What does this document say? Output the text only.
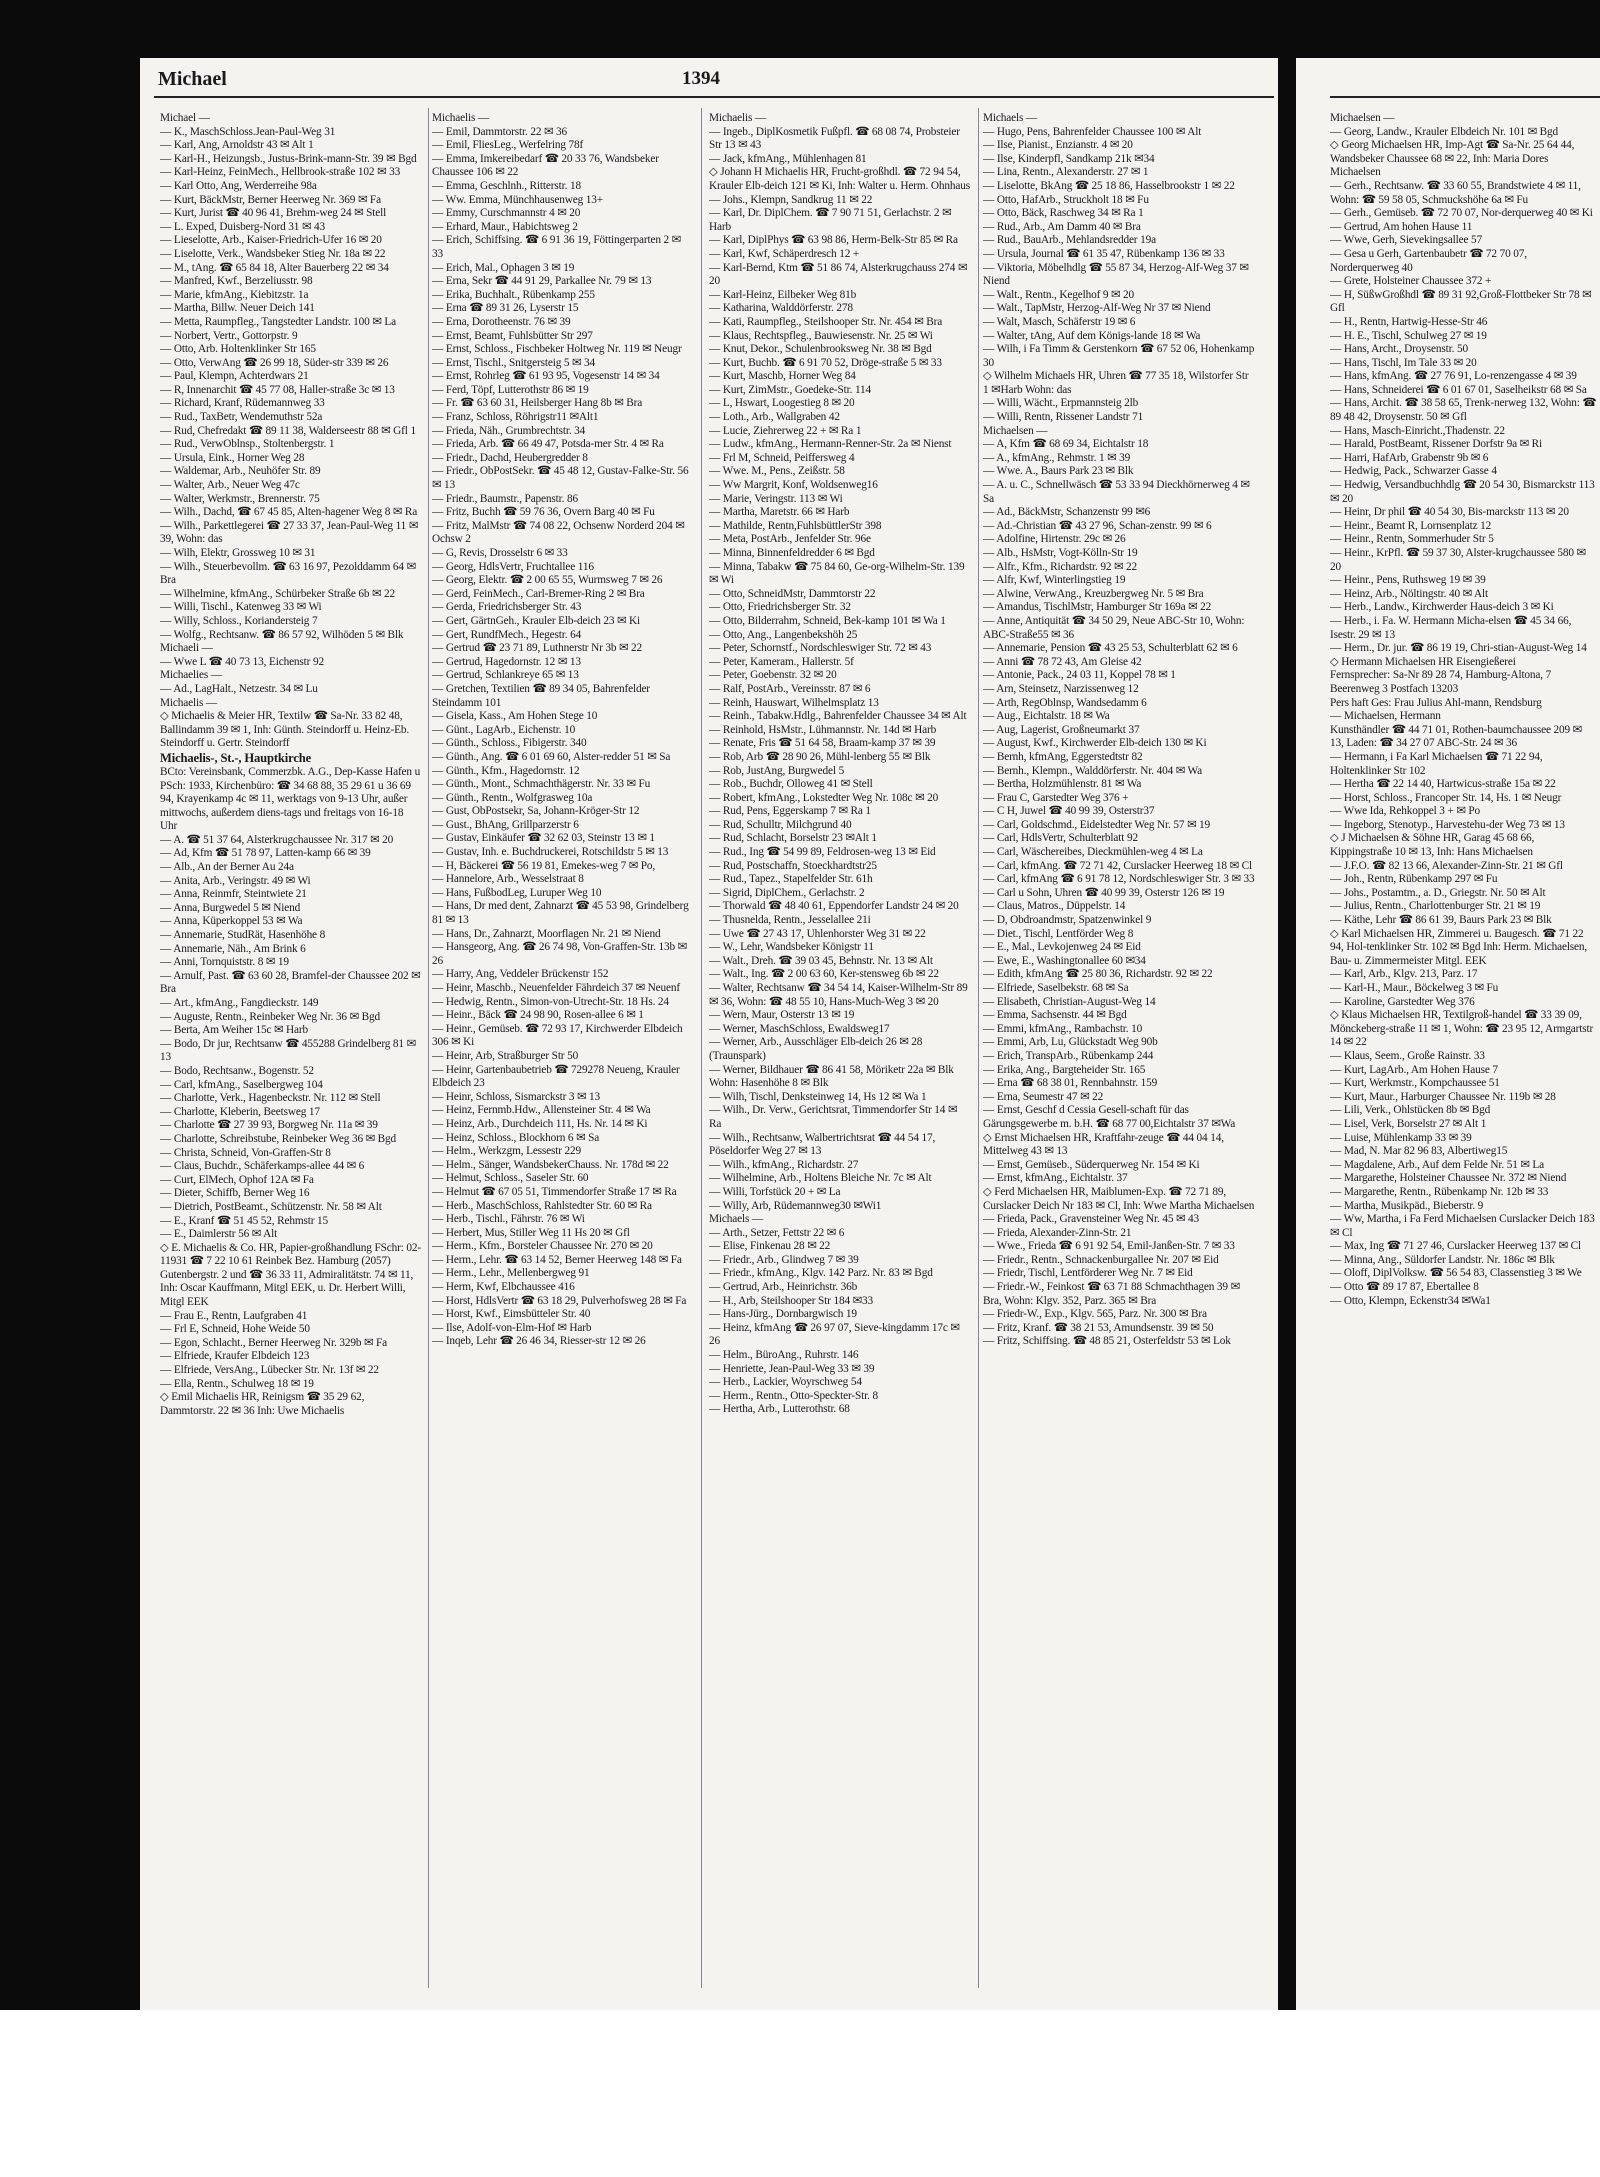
Michael	1394

Michael —

— K., MaschSchloss.Jean-Paul-Weg 31

— Karl, Ang, Arnoldstr 43 ✉ Alt 1

— Karl-H., Heizungsb., Justus-Brink-mann-Str. 39 ✉ Bgd

— Karl-Heinz, FeinMech., Hellbrook-straße 102 ✉ 33

— Karl Otto, Ang, Werderreihe 98a

— Kurt, BäckMstr, Berner Heerweg Nr. 369 ✉ Fa

— Kurt, Jurist ☎ 40 96 41, Brehm-weg 24 ✉ Stell

— L. Exped, Duisberg-Nord 31 ✉ 43

— Lieselotte, Arb., Kaiser-Friedrich-Ufer 16 ✉ 20

— Liselotte, Verk., Wandsbeker Stieg Nr. 18a ✉ 22

— M., tAng. ☎ 65 84 18, Alter Bauerberg 22 ✉ 34

— Manfred, Kwf., Berzeliusstr. 98

— Marie, kfmAng., Kiebitzstr. 1a

— Martha, Billw. Neuer Deich 141

— Metta, Raumpfleg., Tangstedter Landstr. 100 ✉ La

— Norbert, Vertr., Gottorpstr. 9

— Otto, Arb. Holtenklinker Str 165

— Otto, VerwAng ☎ 26 99 18, Süder-str 339 ✉ 26

— Paul, Klempn, Achterdwars 21

— R, Innenarchit ☎ 45 77 08, Haller-straße 3c ✉ 13

— Richard, Kranf, Rüdemannweg 33

— Rud., TaxBetr, Wendemuthstr 52a

— Rud, Chefredakt ☎ 89 11 38, Walderseestr 88 ✉ Gfl 1

— Rud., VerwOblnsp., Stoltenbergstr. 1

— Ursula, Eink., Horner Weg 28

— Waldemar, Arb., Neuhöfer Str. 89

— Walter, Arb., Neuer Weg 47c

— Walter, Werkmstr., Brennerstr. 75

— Wilh., Dachd, ☎ 67 45 85, Alten-hagener Weg 8 ✉ Ra

— Wilh., Parkettlegerei ☎ 27 33 37, Jean-Paul-Weg 11 ✉ 39, Wohn: das

— Wilh, Elektr, Grossweg 10 ✉ 31

— Wilh., Steuerbevollm. ☎ 63 16 97, Pezolddamm 64 ✉ Bra

— Wilhelmine, kfmAng., Schürbeker Straße 6b ✉ 22

— Willi, Tischl., Katenweg 33 ✉ Wi

— Willy, Schloss., Koriandersteig 7

— Wolfg., Rechtsanw. ☎ 86 57 92, Wilhöden 5 ✉ Blk

Michaeli —

— Wwe L ☎ 40 73 13, Eichenstr 92

Michaelies —

— Ad., LagHalt., Netzestr. 34 ✉ Lu

Michaelis —

◇ Michaelis & Meier HR, Textilw ☎ Sa-Nr. 33 82 48, Ballindamm 39 ✉ 1, Inh: Günth. Steindorff u. Heinz-Eb. Steindorff u. Gertr. Steindorff

Michaelis-, St.-, Hauptkirche

BCto: Vereinsbank, Commerzbk. A.G., Dep-Kasse Hafen u PSch: 1933, Kirchenbüro: ☎ 34 68 88, 35 29 61 u 36 69 94, Krayenkamp 4c ✉ 11, werktags von 9-13 Uhr, außer mittwochs, außerdem diens-tags und freitags von 16-18 Uhr

— A. ☎ 51 37 64, Alsterkrugchaussee Nr. 317 ✉ 20

— Ad, Kfm ☎ 51 78 97, Latten-kamp 66 ✉ 39

— Alb., An der Berner Au 24a

— Anita, Arb., Veringstr. 49 ✉ Wi

— Anna, Reinmfr, Steintwiete 21

— Anna, Burgwedel 5 ✉ Niend

— Anna, Küperkoppel 53 ✉ Wa

— Annemarie, StudRät, Hasenhöhe 8

— Annemarie, Näh., Am Brink 6

— Anni, Tornquiststr. 8 ✉ 19

— Arnulf, Past. ☎ 63 60 28, Bramfel-der Chaussee 202 ✉ Bra

— Art., kfmAng., Fangdieckstr. 149

— Auguste, Rentn., Reinbeker Weg Nr. 36 ✉ Bgd

— Berta, Am Weiher 15c ✉ Harb

— Bodo, Dr jur, Rechtsanw ☎ 455288 Grindelberg 81 ✉ 13

— Bodo, Rechtsanw., Bogenstr. 52

— Carl, kfmAng., Saselbergweg 104

— Charlotte, Verk., Hagenbeckstr. Nr. 112 ✉ Stell

— Charlotte, Kleberin, Beetsweg 17

— Charlotte ☎ 27 39 93, Borgweg Nr. 11a ✉ 39

— Charlotte, Schreibstube, Reinbeker Weg 36 ✉ Bgd

— Christa, Schneid, Von-Graffen-Str 8

— Claus, Buchdr., Schäferkamps-allee 44 ✉ 6

— Curt, ElMech, Ophof 12A ✉ Fa

— Dieter, Schiffb, Berner Weg 16

— Dietrich, PostBeamt., Schützenstr. Nr. 58 ✉ Alt

— E., Kranf ☎ 51 45 52, Rehmstr 15

— E., Daimlerstr 56 ✉ Alt

◇ E. Michaelis & Co. HR, Papier-großhandlung FSchr: 02-11931 ☎ 7 22 10 61 Reinbek Bez. Hamburg (2057) Gutenbergstr. 2 und ☎ 36 33 11, Admiralitätstr. 74 ✉ 11, Inh: Oscar Kauffmann, Mitgl EEK, u. Dr. Herbert Willi, Mitgl EEK

— Frau E., Rentn, Laufgraben 41

— Frl E, Schneid, Hohe Weide 50

— Egon, Schlacht., Berner Heerweg Nr. 329b ✉ Fa

— Elfriede, Kraufer Elbdeich 123

— Elfriede, VersAng., Lübecker Str. Nr. 13f ✉ 22

— Ella, Rentn., Schulweg 18 ✉ 19

◇ Emil Michaelis HR, Reinigsm ☎ 35 29 62, Dammtorstr. 22 ✉ 36 Inh: Uwe Michaelis

Michaelis —

— Emil, Dammtorstr. 22 ✉ 36

— Emil, FliesLeg., Werfelring 78f

— Emma, Imkereibedarf ☎ 20 33 76, Wandsbeker Chaussee 106 ✉ 22

— Emma, Geschlnh., Ritterstr. 18

— Ww. Emma, Münchhausenweg 13+

— Emmy, Curschmannstr 4 ✉ 20

— Erhard, Maur., Habichtsweg 2

— Erich, Schiffsing. ☎ 6 91 36 19, Föttingerparten 2 ✉ 33

— Erich, Mal., Ophagen 3 ✉ 19

— Erna, Sekr ☎ 44 91 29, Parkallee Nr. 79 ✉ 13

— Erika, Buchhalt., Rübenkamp 255

— Erna ☎ 89 31 26, Lyserstr 15

— Erna, Dorotheenstr. 76 ✉ 39

— Ernst, Beamt, Fuhlsbütter Str 297

— Ernst, Schloss., Fischbeker Holtweg Nr. 119 ✉ Neugr

— Ernst, Tischl., Snitgersteig 5 ✉ 34

— Ernst, Rohrleg ☎ 61 93 95, Vogesenstr 14 ✉ 34

— Ferd, Töpf, Lutterothstr 86 ✉ 19

— Fr. ☎ 63 60 31, Heilsberger Hang 8b ✉ Bra

— Franz, Schloss, Röhrigstr11 ✉Alt1

— Frieda, Näh., Grumbrechtstr. 34

— Frieda, Arb. ☎ 66 49 47, Potsda-mer Str. 4 ✉ Ra

— Friedr., Dachd, Heubergredder 8

— Friedr., ObPostSekr. ☎ 45 48 12, Gustav-Falke-Str. 56 ✉ 13

— Friedr., Baumstr., Papenstr. 86

— Fritz, Buchh ☎ 59 76 36, Overn Barg 40 ✉ Fu

— Fritz, MalMstr ☎ 74 08 22, Ochsenw Norderd 204 ✉ Ochsw 2

— G, Revis, Drosselstr 6 ✉ 33

— Georg, HdlsVertr, Fruchtallee 116

— Georg, Elektr. ☎ 2 00 65 55, Wurmsweg 7 ✉ 26

— Gerd, FeinMech., Carl-Bremer-Ring 2 ✉ Bra

— Gerda, Friedrichsberger Str. 43

— Gert, GärtnGeh., Krauler Elb-deich 23 ✉ Ki

— Gert, RundfMech., Hegestr. 64

— Gertrud ☎ 23 71 89, Luthnerstr Nr 3b ✉ 22

— Gertrud, Hagedornstr. 12 ✉ 13

— Gertrud, Schlankreye 65 ✉ 13

— Gretchen, Textilien ☎ 89 34 05, Bahrenfelder Steindamm 101

— Gisela, Kass., Am Hohen Stege 10

— Günt., LagArb., Eichenstr. 10

— Günth., Schloss., Fibigerstr. 340

— Günth., Ang. ☎ 6 01 69 60, Alster-redder 51 ✉ Sa

— Günth., Kfm., Hagedornstr. 12

— Günth., Mont., Schmachthägerstr. Nr. 33 ✉ Fu

— Günth., Rentn., Wolfgrasweg 10a

— Gust, ObPostsekr, Sa, Johann-Kröger-Str 12

— Gust., BhAng, Grillparzerstr 6

— Gustav, Einkäufer ☎ 32 62 03, Steinstr 13 ✉ 1

— Gustav, Inh. e. Buchdruckerei, Rotschildstr 5 ✉ 13

— H, Bäckerei ☎ 56 19 81, Emekes-weg 7 ✉ Po,

— Hannelore, Arb., Wesselstraat 8

— Hans, FußbodLeg, Luruper Weg 10

— Hans, Dr med dent, Zahnarzt ☎ 45 53 98, Grindelberg 81 ✉ 13

— Hans, Dr., Zahnarzt, Moorflagen Nr. 21 ✉ Niend

— Hansgeorg, Ang. ☎ 26 74 98, Von-Graffen-Str. 13b ✉ 26

— Harry, Ang, Veddeler Brückenstr 152

— Heinr, Maschb., Neuenfelder Fährdeich 37 ✉ Neuenf

— Hedwig, Rentn., Simon-von-Utrecht-Str. 18 Hs. 24

— Heinr., Bäck ☎ 24 98 90, Rosen-allee 6 ✉ 1

— Heinr., Gemüseb. ☎ 72 93 17, Kirchwerder Elbdeich 306 ✉ Ki

— Heinr, Arb, Straßburger Str 50

— Heinr, Gartenbaubetrieb ☎ 729278 Neueng, Krauler Elbdeich 23

— Heinr, Schloss, Sismarckstr 3 ✉ 13

— Heinz, Fernmb.Hdw., Allensteiner Str. 4 ✉ Wa

— Heinz, Arb., Durchdeich 111, Hs. Nr. 14 ✉ Ki

— Heinz, Schloss., Blockhorn 6 ✉ Sa

— Helm., Werkzgm, Lessestr 229

— Helm., Sänger, WandsbekerChauss. Nr. 178d ✉ 22

— Helmut, Schloss., Saseler Str. 60

— Helmut ☎ 67 05 51, Timmendorfer Straße 17 ✉ Ra

— Herb., MaschSchloss, Rahlstedter Str. 60 ✉ Ra

— Herb., Tischl., Fährstr. 76 ✉ Wi

— Herbert, Mus, Stiller Weg 11 Hs 20 ✉ Gfl

— Herm., Kfm., Borsteler Chaussee Nr. 270 ✉ 20

— Herm., Lehr. ☎ 63 14 52, Berner Heerweg 148 ✉ Fa

— Herm., Lehr., Mellenbergweg 91

— Herm, Kwf, Elbchaussee 416

— Horst, HdlsVertr ☎ 63 18 29, Pulverhofsweg 28 ✉ Fa

— Horst, Kwf., Eimsbütteler Str. 40

— Ilse, Adolf-von-Elm-Hof ✉ Harb

— Inqeb, Lehr ☎ 26 46 34, Riesser-str 12 ✉ 26

Michaelis —

— Ingeb., DiplKosmetik Fußpfl. ☎ 68 08 74, Probsteier Str 13 ✉ 43

— Jack, kfmAng., Mühlenhagen 81

◇ Johann H Michaelis HR, Frucht-großhdl. ☎ 72 94 54, Krauler Elb-deich 121 ✉ Ki, Inh: Walter u. Herm. Ohnhaus

— Johs., Klempn, Sandkrug 11 ✉ 22

— Karl, Dr. DiplChem. ☎ 7 90 71 51, Gerlachstr. 2 ✉ Harb

— Karl, DiplPhys ☎ 63 98 86, Herm-Belk-Str 85 ✉ Ra

— Karl, Kwf, Schäperdresch 12 +

— Karl-Bernd, Ktm ☎ 51 86 74, Alsterkrugchauss 274 ✉ 20

— Karl-Heinz, Eilbeker Weg 81b

— Katharina, Walddörferstr. 278

— Kati, Raumpfleg., Steilshooper Str. Nr. 454 ✉ Bra

— Klaus, Rechtspfleg., Bauwiesenstr. Nr. 25 ✉ Wi

— Knut, Dekor., Schulenbrooksweg Nr. 38 ✉ Bgd

— Kurt, Buchb. ☎ 6 91 70 52, Dröge-straße 5 ✉ 33

— Kurt, Maschb, Horner Weg 84

— Kurt, ZimMstr., Goedeke-Str. 114

— L, Hswart, Loogestieg 8 ✉ 20

— Loth., Arb., Wallgraben 42

— Lucie, Ziehrerweg 22 + ✉ Ra 1

— Ludw., kfmAng., Hermann-Renner-Str. 2a ✉ Nienst

— Frl M, Schneid, Peiffersweg 4

— Wwe. M., Pens., Zeißstr. 58

— Ww Margrit, Konf, Woldsenweg16

— Marie, Veringstr. 113 ✉ Wi

— Martha, Maretstr. 66 ✉ Harb

— Mathilde, Rentn,FuhlsbüttlerStr 398

— Meta, PostArb., Jenfelder Str. 96e

— Minna, Binnenfeldredder 6 ✉ Bgd

— Minna, Tabakw ☎ 75 84 60, Ge-org-Wilhelm-Str. 139 ✉ Wi

— Otto, SchneidMstr, Dammtorstr 22

— Otto, Friedrichsberger Str. 32

— Otto, Bilderrahm, Schneid, Bek-kamp 101 ✉ Wa 1

— Otto, Ang., Langenbekshöh 25

— Peter, Schornstf., Nordschleswiger Str. 72 ✉ 43

— Peter, Kameram., Hallerstr. 5f

— Peter, Goebenstr. 32 ✉ 20

— Ralf, PostArb., Vereinsstr. 87 ✉ 6

— Reinh, Hauswart, Wilhelmsplatz 13

— Reinh., Tabakw.Hdlg., Bahrenfelder Chaussee 34 ✉ Alt

— Reinhold, HsMstr., Lühmannstr. Nr. 14d ✉ Harb

— Renate, Fris ☎ 51 64 58, Braam-kamp 37 ✉ 39

— Rob, Arb ☎ 28 90 26, Mühl-lenberg 55 ✉ Blk

— Rob, JustAng, Burgwedel 5

— Rob., Buchdr, Olloweg 41 ✉ Stell

— Robert, kfmAng., Lokstedter Weg Nr. 108c ✉ 20

— Rud, Pens, Eggerskamp 7 ✉ Ra 1

— Rud, Schulltr, Milchgrund 40

— Rud, Schlacht, Borselstr 23 ✉Alt 1

— Rud., Ing ☎ 54 99 89, Feldrosen-weg 13 ✉ Eid

— Rud, Postschaffn, Stoeckhardtstr25

— Rud., Tapez., Stapelfelder Str. 61h

— Sigrid, DiplChem., Gerlachstr. 2

— Thorwald ☎ 48 40 61, Eppendorfer Landstr 24 ✉ 20

— Thusnelda, Rentn., Jesselallee 21i

— Uwe ☎ 27 43 17, Uhlenhorster Weg 31 ✉ 22

— W., Lehr, Wandsbeker Königstr 11

— Walt., Dreh. ☎ 39 03 45, Behnstr. Nr. 13 ✉ Alt

— Walt., Ing. ☎ 2 00 63 60, Ker-stensweg 6b ✉ 22

— Walter, Rechtsanw ☎ 34 54 14, Kaiser-Wilhelm-Str 89 ✉ 36, Wohn: ☎ 48 55 10, Hans-Much-Weg 3 ✉ 20

— Wern, Maur, Osterstr 13 ✉ 19

— Werner, MaschSchloss, Ewaldsweg17

— Werner, Arb., Ausschläger Elb-deich 26 ✉ 28 (Traunspark)

— Werner, Bildhauer ☎ 86 41 58, Möriketr 22a ✉ Blk Wohn: Hasenhöhe 8 ✉ Blk

— Wilh, Tischl, Denksteinweg 14, Hs 12 ✉ Wa 1

— Wilh., Dr. Verw., Gerichtsrat, Timmendorfer Str 14 ✉ Ra

— Wilh., Rechtsanw, Walbertrichtsrat ☎ 44 54 17, Pöseldorfer Weg 27 ✉ 13

— Wilh., kfmAng., Richardstr. 27

— Wilhelmine, Arb., Holtens Bleiche Nr. 7c ✉ Alt

— Willi, Torfstück 20 + ✉ La

— Willy, Arb, Rüdemannweg30 ✉Wi1

Michaels —

— Arth., Setzer, Fettstr 22 ✉ 6

— Elise, Finkenau 28 ✉ 22

— Friedr., Arb., Glindweg 7 ✉ 39

— Friedr., kfmAng., Klgv. 142 Parz. Nr. 83 ✉ Bgd

— Gertrud, Arb., Heinrichstr. 36b

— H., Arb, Steilshooper Str 184 ✉33

— Hans-Jürg., Dornbargwisch 19

— Heinz, kfmAng ☎ 26 97 07, Sieve-kingdamm 17c ✉ 26

— Helm., BüroAng., Ruhrstr. 146

— Henriette, Jean-Paul-Weg 33 ✉ 39

— Herb., Lackier, Woyrschweg 54

— Herm., Rentn., Otto-Speckter-Str. 8

— Hertha, Arb., Lutterothstr. 68

Michaels —

— Hugo, Pens, Bahrenfelder Chaussee 100 ✉ Alt

— Ilse, Pianist., Enzianstr. 4 ✉ 20

— Ilse, Kinderpfl, Sandkamp 21k ✉34

— Lina, Rentn., Alexanderstr. 27 ✉ 1

— Liselotte, BkAng ☎ 25 18 86, Hasselbrookstr 1 ✉ 22

— Otto, HafArb., Struckholt 18 ✉ Fu

— Otto, Bäck, Raschweg 34 ✉ Ra 1

— Rud., Arb., Am Damm 40 ✉ Bra

— Rud., BauArb., Mehlandsredder 19a

— Ursula, Journal ☎ 61 35 47, Rübenkamp 136 ✉ 33

— Viktoria, Möbelhdlg ☎ 55 87 34, Herzog-Alf-Weg 37 ✉ Niend

— Walt., Rentn., Kegelhof 9 ✉ 20

— Walt., TapMstr, Herzog-Alf-Weg Nr 37 ✉ Niend

— Walt, Masch, Schäferstr 19 ✉ 6

— Walter, tAng, Auf dem Königs-lande 18 ✉ Wa

— Wilh, i Fa Timm & Gerstenkorn ☎ 67 52 06, Hohenkamp 30

◇ Wilhelm Michaels HR, Uhren ☎ 77 35 18, Wilstorfer Str 1 ✉Harb Wohn: das

— Willi, Wächt., Erpmannsteig 2lb

— Willi, Rentn, Rissener Landstr 71

Michaelsen —

— A, Kfm ☎ 68 69 34, Eichtalstr 18

— A., kfmAng., Rehmstr. 1 ✉ 39

— Wwe. A., Baurs Park 23 ✉ Blk

— A. u. C., Schnellwäsch ☎ 53 33 94 Dieckhörnerweg 4 ✉ Sa

— Ad., BäckMstr, Schanzenstr 99 ✉6

— Ad.-Christian ☎ 43 27 96, Schan-zenstr. 99 ✉ 6

— Adolfine, Hirtenstr. 29c ✉ 26

— Alb., HsMstr, Vogt-Kölln-Str 19

— Alfr., Kfm., Richardstr. 92 ✉ 22

— Alfr, Kwf, Winterlingstieg 19

— Alwine, VerwAng., Kreuzbergweg Nr. 5 ✉ Bra

— Amandus, TischlMstr, Hamburger Str 169a ✉ 22

— Anne, Antiquität ☎ 34 50 29, Neue ABC-Str 10, Wohn: ABC-Straße55 ✉ 36

— Annemarie, Pension ☎ 43 25 53, Schulterblatt 62 ✉ 6

— Anni ☎ 78 72 43, Am Gleise 42

— Antonie, Pack., 24 03 11, Koppel 78 ✉ 1

— Arn, Steinsetz, Narzissenweg 12

— Arth, RegOblnsp, Wandsedamm 6

— Aug., Eichtalstr. 18 ✉ Wa

— Aug, Lagerist, Großneumarkt 37

— August, Kwf., Kirchwerder Elb-deich 130 ✉ Ki

— Bernh, kfmAng, Eggerstedtstr 82

— Bernh., Klempn., Walddörferstr. Nr. 404 ✉ Wa

— Bertha, Holzmühlenstr. 81 ✉ Wa

— Frau C, Garstedter Weg 376 +

— C H, Juwel ☎ 40 99 39, Osterstr37

— Carl, Goldschmd., Eidelstedter Weg Nr. 57 ✉ 19

— Carl, HdlsVertr, Schulterblatt 92

— Carl, Wäschereibes, Dieckmühlen-weg 4 ✉ La

— Carl, kfmAng. ☎ 72 71 42, Curslacker Heerweg 18 ✉ Cl

— Carl, kfmAng ☎ 6 91 78 12, Nordschleswiger Str. 3 ✉ 33

— Carl u Sohn, Uhren ☎ 40 99 39, Osterstr 126 ✉ 19

— Claus, Matros., Düppelstr. 14

— D, Obdroandmstr, Spatzenwinkel 9

— Diet., Tischl, Lentförder Weg 8

— E., Mal., Levkojenweg 24 ✉ Eid

— Ewe, E., Washingtonallee 60 ✉34

— Edith, kfmAng ☎ 25 80 36, Richardstr. 92 ✉ 22

— Elfriede, Saselbekstr. 68 ✉ Sa

— Elisabeth, Christian-August-Weg 14

— Emma, Sachsenstr. 44 ✉ Bgd

— Emmi, kfmAng., Rambachstr. 10

— Emmi, Arb, Lu, Glückstadt Weg 90b

— Erich, TranspArb., Rübenkamp 244

— Erika, Ang., Bargteheider Str. 165

— Erna ☎ 68 38 01, Rennbahnstr. 159

— Erna, Seumestr 47 ✉ 22

— Ernst, Geschf d Cessia Gesell-schaft für das Gärungsgewerbe m. b.H. ☎ 68 77 00,Eichtalstr 37 ✉Wa

◇ Ernst Michaelsen HR, Kraftfahr-zeuge ☎ 44 04 14, Mittelweg 43 ✉ 13

— Ernst, Gemüseb., Süderquerweg Nr. 154 ✉ Ki

— Ernst, kfmAng., Eichtalstr. 37

◇ Ferd Michaelsen HR, Maiblumen-Exp. ☎ 72 71 89, Curslacker Deich Nr 183 ✉ Cl, Inh: Wwe Martha Michaelsen

— Frieda, Pack., Gravensteiner Weg Nr. 45 ✉ 43

— Frieda, Alexander-Zinn-Str. 21

— Wwe., Frieda ☎ 6 91 92 54, Emil-Janßen-Str. 7 ✉ 33

— Friedr., Rentn., Schnackenburgallee Nr. 207 ✉ Eid

— Friedr, Tischl, Lentförderer Weg Nr. 7 ✉ Eid

— Friedr.-W., Feinkost ☎ 63 71 88 Schmachthagen 39 ✉ Bra, Wohn: Klgv. 352, Parz. 365 ✉ Bra

— Friedr-W., Exp., Klgv. 565, Parz. Nr. 300 ✉ Bra

— Fritz, Kranf. ☎ 38 21 53, Amundsenstr. 39 ✉ 50

— Fritz, Schiffsing. ☎ 48 85 21, Osterfeldstr 53 ✉ Lok

Michaelsen —

— Georg, Landw., Krauler Elbdeich Nr. 101 ✉ Bgd

◇ Georg Michaelsen HR, Imp-Agt ☎ Sa-Nr. 25 64 44, Wandsbeker Chaussee 68 ✉ 22, Inh: Maria Dores Michaelsen

— Gerh., Rechtsanw. ☎ 33 60 55, Brandstwiete 4 ✉ 11, Wohn: ☎ 59 58 05, Schmuckshöhe 6a ✉ Fu

— Gerh., Gemüseb. ☎ 72 70 07, Nor-derquerweg 40 ✉ Ki

— Gertrud, Am hohen Hause 11

— Wwe, Gerh, Sievekingsallee 57

— Gesa u Gerh, Gartenbaubetr ☎ 72 70 07, Norderquerweg 40

— Grete, Holsteiner Chaussee 372 +

— H, SüßwGroßhdl ☎ 89 31 92,Groß-Flottbeker Str 78 ✉ Gfl

— H., Rentn, Hartwig-Hesse-Str 46

— H. E., Tischl, Schulweg 27 ✉ 19

— Hans, Archt., Droysenstr. 50

— Hans, Tischl, Im Tale 33 ✉ 20

— Hans, kfmAng. ☎ 27 76 91, Lo-renzengasse 4 ✉ 39

— Hans, Schneiderei ☎ 6 01 67 01, Saselheikstr 68 ✉ Sa

— Hans, Archit. ☎ 38 58 65, Trenk-nerweg 132, Wohn: ☎ 89 48 42, Droysenstr. 50 ✉ Gfl

— Hans, Masch-Einricht.,Thadenstr. 22

— Harald, PostBeamt, Rissener Dorfstr 9a ✉ Ri

— Harri, HafArb, Grabenstr 9b ✉ 6

— Hedwig, Pack., Schwarzer Gasse 4

— Hedwig, Versandbuchhdlg ☎ 20 54 30, Bismarckstr 113 ✉ 20

— Heinr, Dr phil ☎ 40 54 30, Bis-marckstr 113 ✉ 20

— Heinr., Beamt R, Lornsenplatz 12

— Heinr., Rentn, Sommerhuder Str 5

— Heinr., KrPfl. ☎ 59 37 30, Alster-krugchaussee 580 ✉ 20

— Heinr., Pens, Ruthsweg 19 ✉ 39

— Heinz, Arb., Nöltingstr. 40 ✉ Alt

— Herb., Landw., Kirchwerder Haus-deich 3 ✉ Ki

— Herb., i. Fa. W. Hermann Micha-elsen ☎ 45 34 66, Isestr. 29 ✉ 13

— Herm., Dr. jur. ☎ 86 19 19, Chri-stian-August-Weg 14

◇ Hermann Michaelsen HR Eisengießerei

Fernsprecher: Sa-Nr 89 28 74, Hamburg-Altona, 7 Beerenweg 3 Postfach 13203

Pers haft Ges: Frau Julius Ahl-mann, Rendsburg

— Michaelsen, Hermann

Kunsthändler ☎ 44 71 01, Rothen-baumchaussee 209 ✉ 13, Laden: ☎ 34 27 07 ABC-Str. 24 ✉ 36

— Hermann, i Fa Karl Michaelsen ☎ 71 22 94, Holtenklinker Str 102

— Hertha ☎ 22 14 40, Hartwicus-straße 15a ✉ 22

— Horst, Schloss., Francoper Str. 14, Hs. 1 ✉ Neugr

— Wwe Ida, Rehkoppel 3 + ✉ Po

— Ingeborg, Stenotyp., Harvestehu-der Weg 73 ✉ 13

◇ J Michaelsen & Söhne HR, Garag 45 68 66, Kippingstraße 10 ✉ 13, Inh: Hans Michaelsen

— J.F.O. ☎ 82 13 66, Alexander-Zinn-Str. 21 ✉ Gfl

— Joh., Rentn, Rübenkamp 297 ✉ Fu

— Johs., Postamtm., a. D., Griegstr. Nr. 50 ✉ Alt

— Julius, Rentn., Charlottenburger Str. 21 ✉ 19

— Käthe, Lehr ☎ 86 61 39, Baurs Park 23 ✉ Blk

◇ Karl Michaelsen HR, Zimmerei u. Baugesch. ☎ 71 22 94, Hol-tenklinker Str. 102 ✉ Bgd Inh: Herm. Michaelsen, Bau- u. Zimmermeister Mitgl. EEK

— Karl, Arb., Klgv. 213, Parz. 17

— Karl-H., Maur., Böckelweg 3 ✉ Fu

— Karoline, Garstedter Weg 376

◇ Klaus Michaelsen HR, Textilgroß-handel ☎ 33 39 09, Mönckeberg-straße 11 ✉ 1, Wohn: ☎ 23 95 12, Armgartstr 14 ✉ 22

— Klaus, Seem., Große Rainstr. 33

— Kurt, LagArb., Am Hohen Hause 7

— Kurt, Werkmstr., Kompchaussee 51

— Kurt, Maur., Harburger Chaussee Nr. 119b ✉ 28

— Lili, Verk., Ohlstücken 8b ✉ Bgd

— Lisel, Verk, Borselstr 27 ✉ Alt 1

— Luise, Mühlenkamp 33 ✉ 39

— Mad, N. Mar 82 96 83, Albertiweg15

— Magdalene, Arb., Auf dem Felde Nr. 51 ✉ La

— Margarethe, Holsteiner Chaussee Nr. 372 ✉ Niend

— Margarethe, Rentn., Rübenkamp Nr. 12b ✉ 33

— Martha, Musikpäd., Bieberstr. 9

— Ww, Martha, i Fa Ferd Michaelsen Curslacker Deich 183 ✉ Cl

— Max, Ing ☎ 71 27 46, Curslacker Heerweg 137 ✉ Cl

— Minna, Ang., Süldorfer Landstr. Nr. 186c ✉ Blk

— Oloff, DiplVolksw. ☎ 56 54 83, Classenstieg 3 ✉ We

— Otto ☎ 89 17 87, Ebertallee 8

— Otto, Klempn, Eckenstr34 ✉Wa1
